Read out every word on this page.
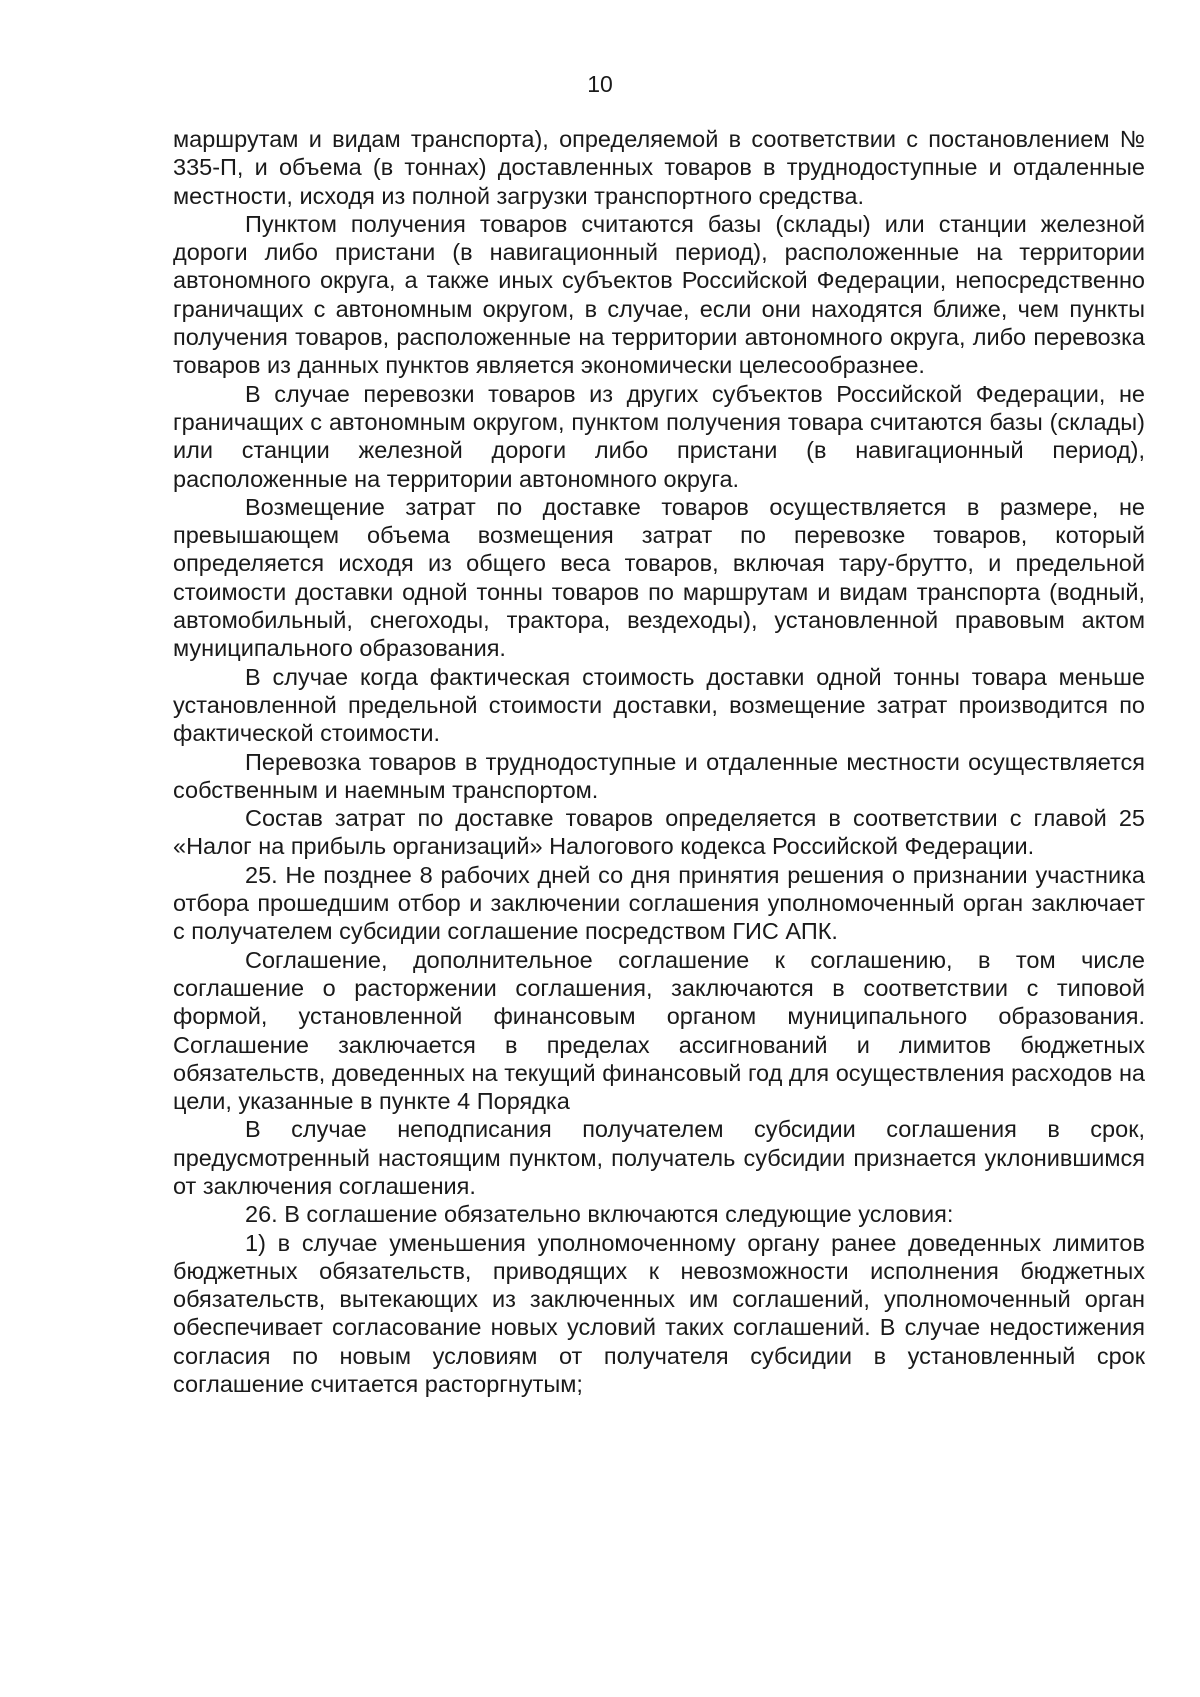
10

маршрутам и видам транспорта), определяемой в соответствии с постановлением № 335-П, и объема (в тоннах) доставленных товаров в труднодоступные и отдаленные местности, исходя из полной загрузки транспортного средства.

Пунктом получения товаров считаются базы (склады) или станции железной дороги либо пристани (в навигационный период), расположенные на территории автономного округа, а также иных субъектов Российской Федерации, непосредственно граничащих с автономным округом, в случае, если они находятся ближе, чем пункты получения товаров, расположенные на территории автономного округа, либо перевозка товаров из данных пунктов является экономически целесообразнее.

В случае перевозки товаров из других субъектов Российской Федерации, не граничащих с автономным округом, пунктом получения товара считаются базы (склады) или станции железной дороги либо пристани (в навигационный период), расположенные на территории автономного округа.

Возмещение затрат по доставке товаров осуществляется в размере, не превышающем объема возмещения затрат по перевозке товаров, который определяется исходя из общего веса товаров, включая тару-брутто, и предельной стоимости доставки одной тонны товаров по маршрутам и видам транспорта (водный, автомобильный, снегоходы, трактора, вездеходы), установленной правовым актом муниципального образования.

В случае когда фактическая стоимость доставки одной тонны товара меньше установленной предельной стоимости доставки, возмещение затрат производится по фактической стоимости.

Перевозка товаров в труднодоступные и отдаленные местности осуществляется собственным и наемным транспортом.

Состав затрат по доставке товаров определяется в соответствии с главой 25 «Налог на прибыль организаций» Налогового кодекса Российской Федерации.

25. Не позднее 8 рабочих дней со дня принятия решения о признании участника отбора прошедшим отбор и заключении соглашения уполномоченный орган заключает с получателем субсидии соглашение посредством ГИС АПК.

Соглашение, дополнительное соглашение к соглашению, в том числе соглашение о расторжении соглашения, заключаются в соответствии с типовой формой, установленной финансовым органом муниципального образования. Соглашение заключается в пределах ассигнований и лимитов бюджетных обязательств, доведенных на текущий финансовый год для осуществления расходов на цели, указанные в пункте 4 Порядка

В случае неподписания получателем субсидии соглашения в срок, предусмотренный настоящим пунктом, получатель субсидии признается уклонившимся от заключения соглашения.

26. В соглашение обязательно включаются следующие условия:

1) в случае уменьшения уполномоченному органу ранее доведенных лимитов бюджетных обязательств, приводящих к невозможности исполнения бюджетных обязательств, вытекающих из заключенных им соглашений, уполномоченный орган обеспечивает согласование новых условий таких соглашений. В случае недостижения согласия по новым условиям от получателя субсидии в установленный срок соглашение считается расторгнутым;
